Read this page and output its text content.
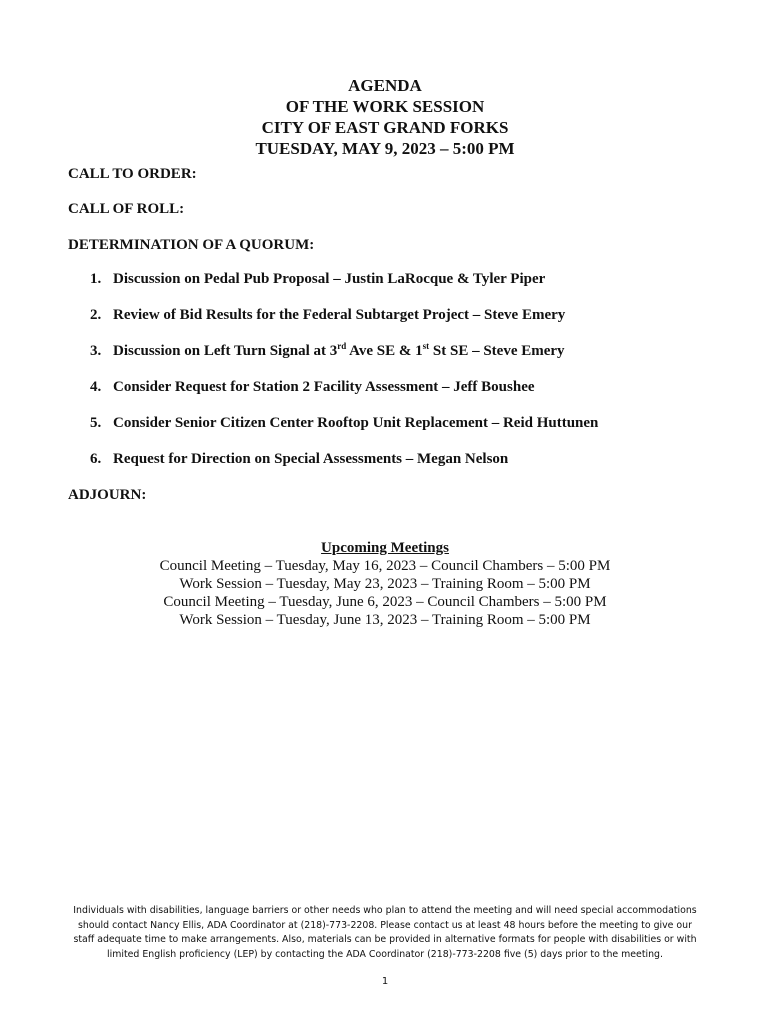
AGENDA
OF THE WORK SESSION
CITY OF EAST GRAND FORKS
TUESDAY, MAY 9, 2023 – 5:00 PM
CALL TO ORDER:
CALL OF ROLL:
DETERMINATION OF A QUORUM:
1. Discussion on Pedal Pub Proposal – Justin LaRocque & Tyler Piper
2. Review of Bid Results for the Federal Subtarget Project – Steve Emery
3. Discussion on Left Turn Signal at 3rd Ave SE & 1st St SE – Steve Emery
4. Consider Request for Station 2 Facility Assessment – Jeff Boushee
5. Consider Senior Citizen Center Rooftop Unit Replacement – Reid Huttunen
6. Request for Direction on Special Assessments – Megan Nelson
ADJOURN:
Upcoming Meetings
Council Meeting – Tuesday, May 16, 2023 – Council Chambers – 5:00 PM
Work Session – Tuesday, May 23, 2023 – Training Room – 5:00 PM
Council Meeting – Tuesday, June 6, 2023 – Council Chambers – 5:00 PM
Work Session – Tuesday, June 13, 2023 – Training Room – 5:00 PM
Individuals with disabilities, language barriers or other needs who plan to attend the meeting and will need special accommodations should contact Nancy Ellis, ADA Coordinator at (218)-773-2208. Please contact us at least 48 hours before the meeting to give our staff adequate time to make arrangements. Also, materials can be provided in alternative formats for people with disabilities or with limited English proficiency (LEP) by contacting the ADA Coordinator (218)-773-2208 five (5) days prior to the meeting.
1
